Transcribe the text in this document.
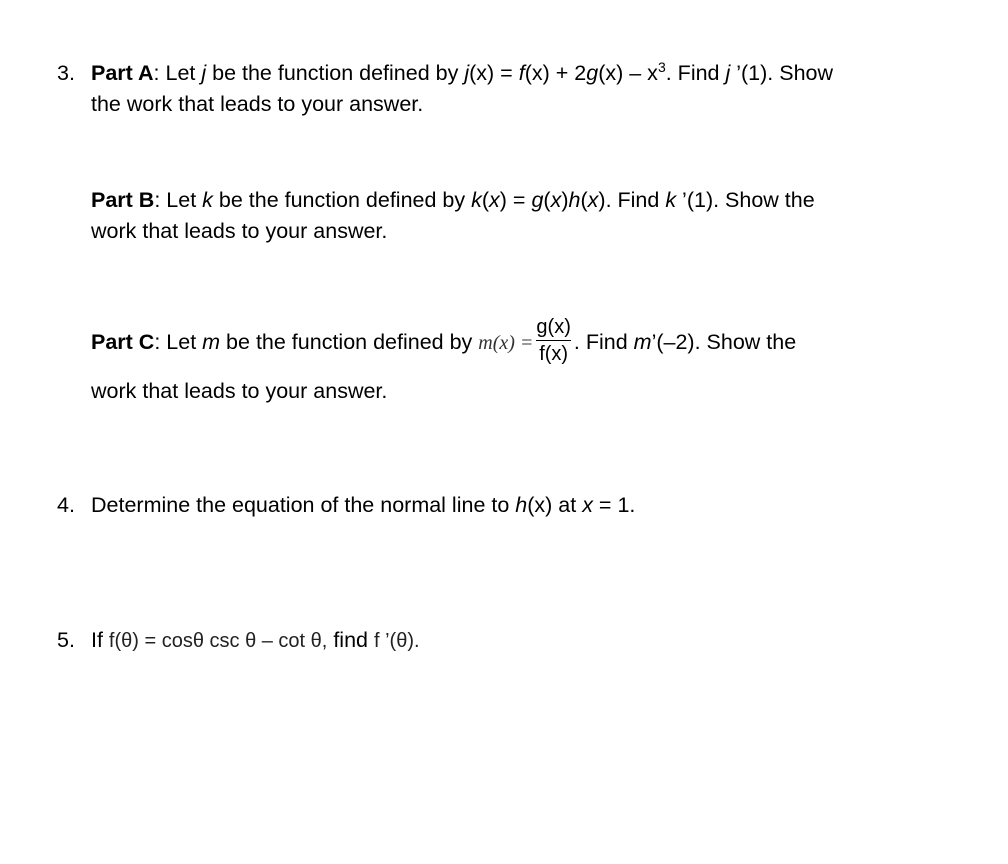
3. Part A: Let j be the function defined by $j(x) = f(x) + 2g(x) - x^3$. Find j ’(1). Show
the work that leads to your answer.
Part B: Let k be the function defined by k(x) = g(x)h(x). Find k ’(1). Show the
work that leads to your answer.
Part C: Let m be the function defined by $m(x) = \frac{g(x)}{f(x)}$ . Find m’(–2). Show the
work that leads to your answer.
4. Determine the equation of the normal line to h(x) at x = 1.
5. If f(θ) = cosθ csc θ – cot θ, find f ’(θ).
